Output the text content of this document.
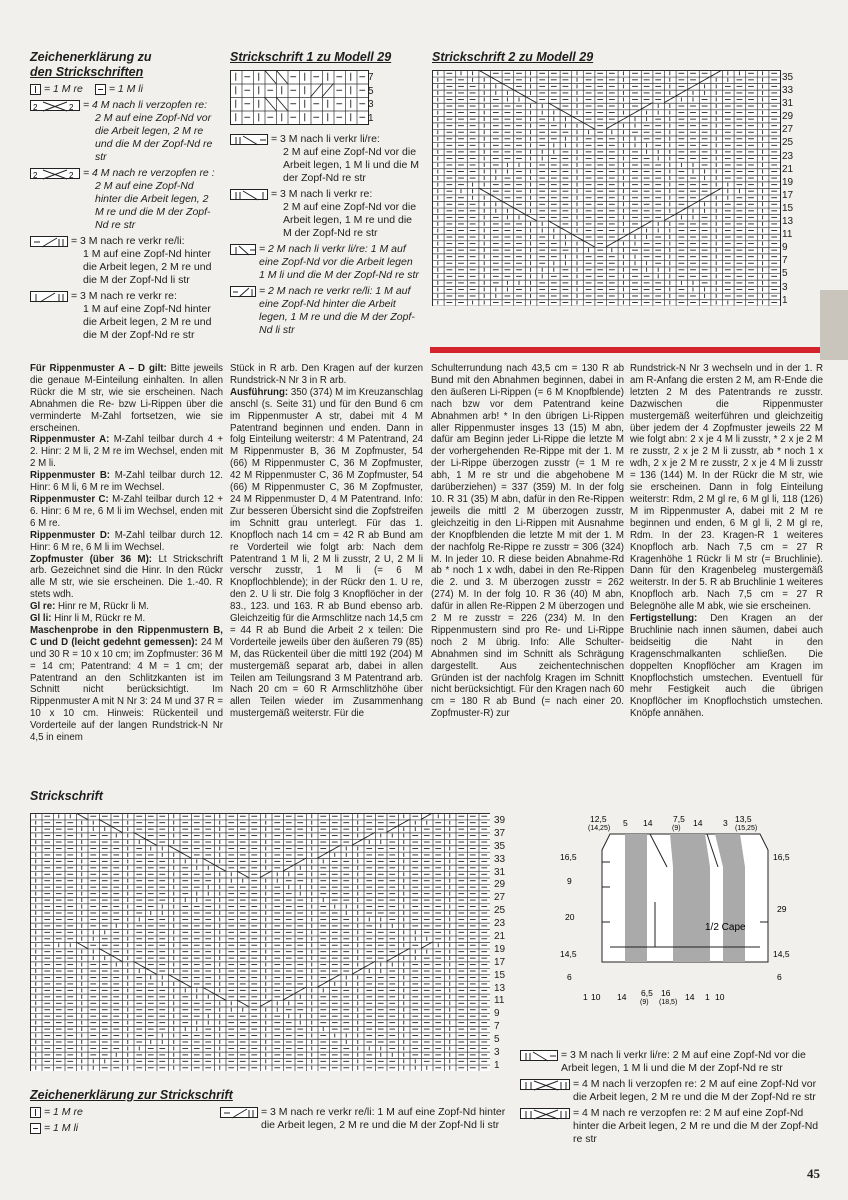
Zeichenerklärung zu
den Strickschriften
= 1 M re = 1 M li
2	2 = 4 M nach li verzopfen re:
2 M auf eine Zopf-Nd vor die Arbeit legen, 2 M re und die M der Zopf-Nd re str
2	2 = 4 M nach re verzopfen re :
2 M auf eine Zopf-Nd hinter die Arbeit legen, 2 M re und die M der Zopf-Nd re str
= 3 M nach re verkr re/li:
1 M auf eine Zopf-Nd hinter die Arbeit legen, 2 M re und die M der Zopf-Nd li str
= 3 M nach re verkr re:
1 M auf eine Zopf-Nd hinter die Arbeit legen, 2 M re und die M der Zopf-Nd re str
Strickschrift 1 zu Modell 29
7
5
3
1
= 3 M nach li verkr li/re:
2 M auf eine Zopf-Nd vor die Arbeit legen, 1 M li und die M der Zopf-Nd re str
= 3 M nach li verkr re:
2 M auf eine Zopf-Nd vor die Arbeit legen, 1 M re und die M der Zopf-Nd re str
= 2 M nach li verkr li/re: 1 M auf eine Zopf-Nd vor die Arbeit legen 1 M li und die M der Zopf-Nd re str
= 2 M nach re verkr re/li: 1 M auf eine Zopf-Nd hinter die Arbeit legen, 1 M re und die M der Zopf-Nd li str
Strickschrift 2 zu Modell 29
35
33
31
29
27
25
23
21
19
17
15
13
11
9
7
5
3
1
Für Rippenmuster A – D gilt: Bitte jeweils die genaue M-Einteilung einhalten. In allen Rückr die M str, wie sie erscheinen. Nach Abnahmen die Re- bzw Li-Rippen über die verminderte M-Zahl fortsetzen, wie sie erscheinen.
Rippenmuster A: M-Zahl teilbar durch 4 + 2. Hinr: 2 M li, 2 M re im Wechsel, enden mit 2 M li.
Rippenmuster B: M-Zahl teilbar durch 12. Hinr: 6 M li, 6 M re im Wechsel.
Rippenmuster C: M-Zahl teilbar durch 12 + 6. Hinr: 6 M re, 6 M li im Wechsel, enden mit 6 M re.
Rippenmuster D: M-Zahl teilbar durch 12. Hinr: 6 M re, 6 M li im Wechsel.
Zopfmuster (über 36 M): Lt Strickschrift arb. Gezeichnet sind die Hinr. In den Rückr alle M str, wie sie erscheinen. Die 1.-40. R stets wdh.
Gl re: Hinr re M, Rückr li M.
Gl li: Hinr li M, Rückr re M.
Maschenprobe in den Rippenmustern B, C und D (leicht gedehnt gemessen): 24 M und 30 R = 10 x 10 cm; im Zopfmuster: 36 M = 14 cm; Patentrand: 4 M = 1 cm; der Patentrand an den Schlitzkanten ist im Schnitt nicht berücksichtigt. Im Rippenmuster A mit N Nr 3: 24 M und 37 R = 10 x 10 cm. Hinweis: Rückenteil und Vorderteile auf der langen Rundstrick-N Nr 4,5 in einem
Stück in R arb. Den Kragen auf der kurzen Rundstrick-N Nr 3 in R arb.
Ausführung: 350 (374) M im Kreuzanschlag anschl (s. Seite 31) und für den Bund 6 cm im Rippenmuster A str, dabei mit 4 M Patentrand beginnen und enden. Dann in folg Einteilung weiterstr: 4 M Patentrand, 24 M Rippenmuster B, 36 M Zopfmuster, 54 (66) M Rippenmuster C, 36 M Zopfmuster, 42 M Rippenmuster C, 36 M Zopfmuster, 54 (66) M Rippenmuster C, 36 M Zopfmuster, 24 M Rippenmuster D, 4 M Patentrand. Info: Zur besseren Übersicht sind die Zopfstreifen im Schnitt grau unterlegt. Für das 1. Knopfloch nach 14 cm = 42 R ab Bund am re Vorderteil wie folgt arb: Nach dem Patentrand 1 M li, 2 M li zusstr, 2 U, 2 M li verschr zusstr, 1 M li (= 6 M Knopflochblende); in der Rückr den 1. U re, den 2. U li str. Die folg 3 Knopflöcher in der 83., 123. und 163. R ab Bund ebenso arb. Gleichzeitig für die Armschlitze nach 14,5 cm = 44 R ab Bund die Arbeit 2 x teilen: Die Vorderteile jeweils über den äußeren 79 (85) M, das Rückenteil über die mittl 192 (204) M mustergemäß separat arb, dabei in allen Teilen am Teilungsrand 3 M Patentrand arb. Nach 20 cm = 60 R Armschlitzhöhe über allen Teilen wieder im Zusammenhang mustergemäß weiterstr. Für die
Schulterrundung nach 43,5 cm = 130 R ab Bund mit den Abnahmen beginnen, dabei in den äußeren Li-Rippen (= 6 M Knopfblende) nach bzw vor dem Patentrand keine Abnahmen arb! * In den übrigen Li-Rippen aller Rippenmuster insges 13 (15) M abn, dafür am Beginn jeder Li-Rippe die letzte M der vorhergehenden Re-Rippe mit der 1. M der Li-Rippe überzogen zusstr (= 1 M re abh, 1 M re str und die abgehobene M darüberziehen) = 337 (359) M. In der folg 10. R 31 (35) M abn, dafür in den Re-Rippen jeweils die mittl 2 M überzogen zusstr, gleichzeitig in den Li-Rippen mit Ausnahme der Knopfblenden die letzte M mit der 1. M der nachfolg Re-Rippe re zusstr = 306 (324) M. In jeder 10. R diese beiden Abnahme-Rd ab * noch 1 x wdh, dabei in den Re-Rippen die 2. und 3. M überzogen zusstr = 262 (274) M. In der folg 10. R 36 (40) M abn, dafür in allen Re-Rippen 2 M überzogen und 2 M re zusstr = 226 (234) M. In den Rippenmustern sind pro Re- und Li-Rippe noch 2 M übrig. Info: Alle Schulter-Abnahmen sind im Schnitt als Schrägung dargestellt. Aus zeichentechnischen Gründen ist der nachfolg Kragen im Schnitt nicht berücksichtigt. Für den Kragen nach 60 cm = 180 R ab Bund (= nach einer 20. Zopfmuster-R) zur
Rundstrick-N Nr 3 wechseln und in der 1. R am R-Anfang die ersten 2 M, am R-Ende die letzten 2 M des Patentrands re zusstr. Dazwischen die Rippenmuster mustergemäß weiterführen und gleichzeitig über jedem der 4 Zopfmuster jeweils 22 M wie folgt abn: 2 x je 4 M li zusstr, * 2 x je 2 M re zusstr, 2 x je 2 M li zusstr, ab * noch 1 x wdh, 2 x je 2 M re zusstr, 2 x je 4 M li zusstr = 136 (144) M. In der Rückr die M str, wie sie erscheinen. Dann in folg Einteilung weiterstr: Rdm, 2 M gl re, 6 M gl li, 118 (126) M im Rippenmuster A, dabei mit 2 M re beginnen und enden, 6 M gl li, 2 M gl re, Rdm. In der 23. Kragen-R 1 weiteres Knopfloch arb. Nach 7,5 cm = 27 R Kragenhöhe 1 Rückr li M str (= Bruchlinie). Dann für den Kragenbeleg mustergemäß weiterstr. In der 5. R ab Bruchlinie 1 weiteres Knopfloch arb. Nach 7,5 cm = 27 R Belegnöhe alle M abk, wie sie erscheinen.
Fertigstellung: Den Kragen an der Bruchlinie nach innen säumen, dabei auch beidseitig die Naht in den Kragenschmalkanten schließen. Die doppelten Knopflöcher am Kragen im Knopflochstich umstechen. Eventuell für mehr Festigkeit auch die übrigen Knopflöcher im Knopflochstich umstechen. Knöpfe annähen.
Strickschrift
39
37
35
33
31
29
27
25
23
21
19
17
15
13
11
9
7
5
3
1
1/2 Cape
12,5
(14,25)
5 14 7,5
(9)
14 3 13,5
(15,25)
16,5
9
20
14,5
6
16,5
29
14,5
6
1 10 14 6,5
(9)
16
(18,5)
14 1 10
Zeichenerklärung zur Strickschrift
= 1 M re
= 1 M li
= 3 M nach re verkr re/li: 1 M auf eine Zopf-Nd hinter
die Arbeit legen, 2 M re und die M der Zopf-Nd li str
= 3 M nach li verkr li/re: 2 M auf eine Zopf-Nd vor die
Arbeit legen, 1 M li und die M der Zopf-Nd re str
= 4 M nach li verzopfen re: 2 M auf eine Zopf-Nd vor
die Arbeit legen, 2 M re und die M der Zopf-Nd re str
= 4 M nach re verzopfen re: 2 M auf eine Zopf-Nd
hinter die Arbeit legen, 2 M re und die M der Zopf-Nd re str
45
